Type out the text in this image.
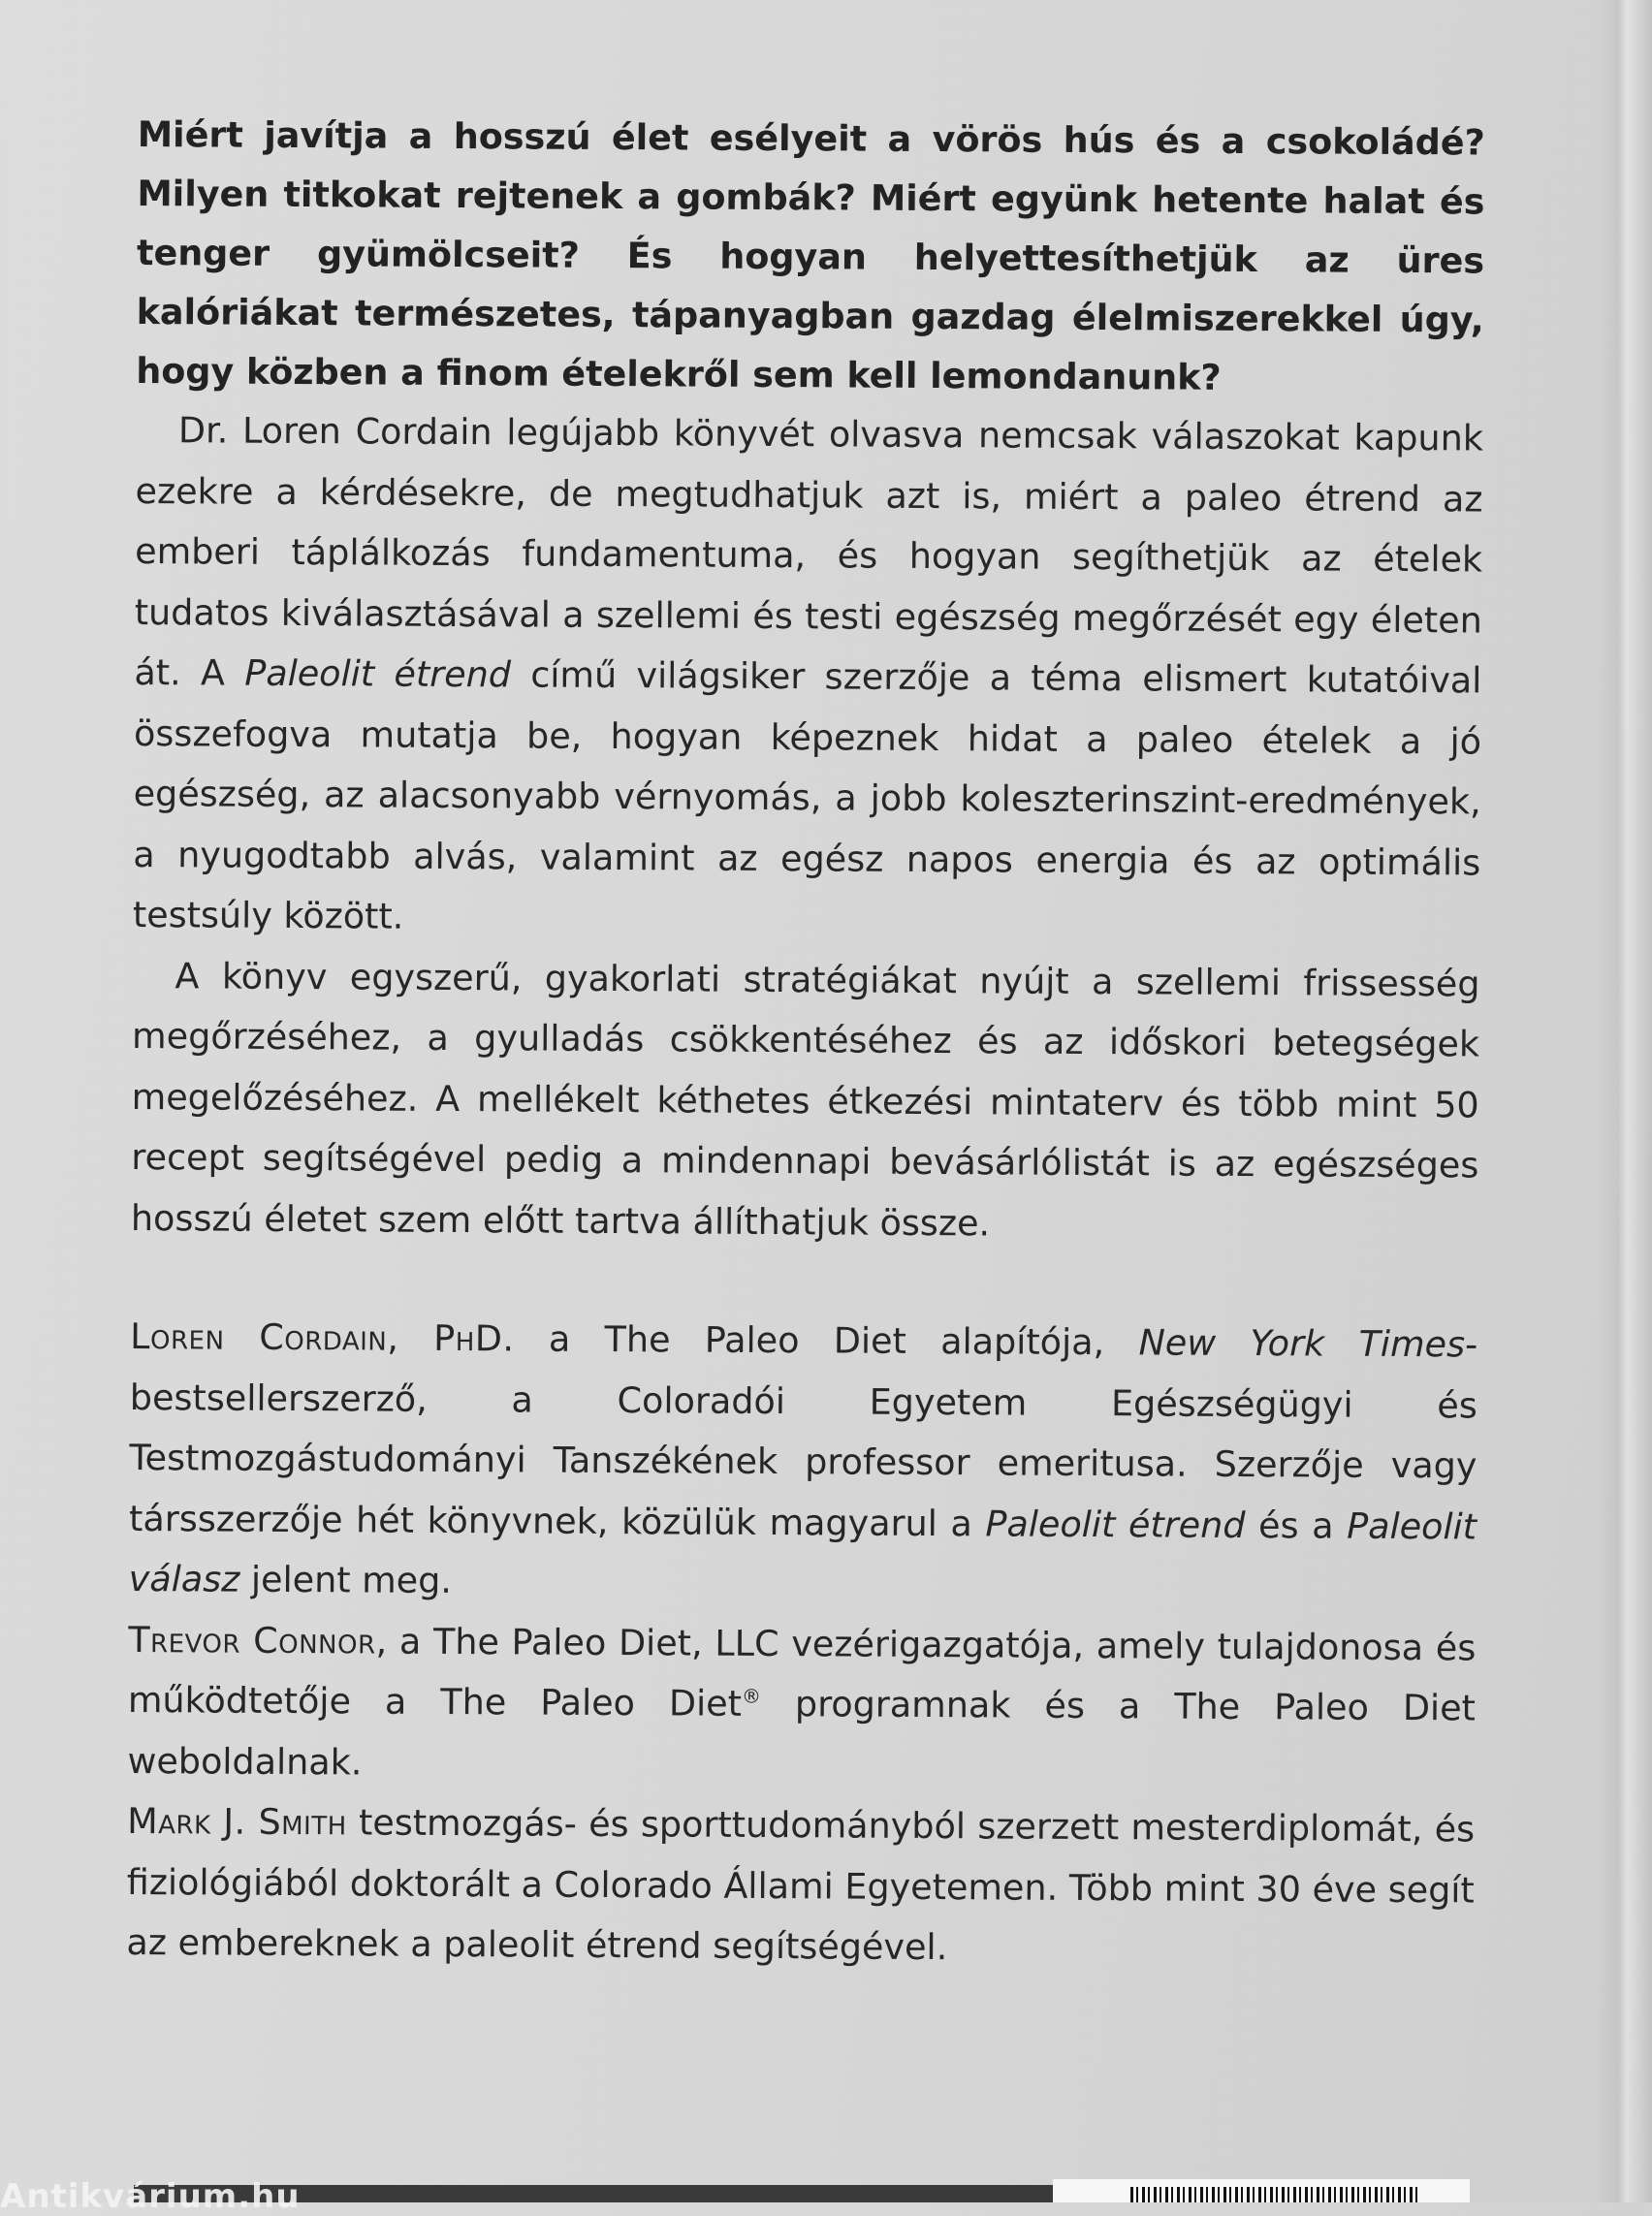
Miért javítja a hosszú élet esélyeit a vörös hús és a csokoládé? Milyen titkokat rejtenek a gombák? Miért együnk hetente halat és tenger gyümölcseit? És hogyan helyettesíthetjük az üres kalóriákat természetes, tápanyagban gazdag élelmiszerekkel úgy, hogy közben a finom ételekről sem kell lemondanunk?

Dr. Loren Cordain legújabb könyvét olvasva nemcsak válaszokat kapunk ezekre a kérdésekre, de megtudhatjuk azt is, miért a paleo étrend az emberi táplálkozás fundamentuma, és hogyan segíthetjük az ételek tudatos kiválasztásával a szellemi és testi egészség megőrzését egy életen át. A Paleolit étrend című világsiker szerzője a téma elismert kutatóival összefogva mutatja be, hogyan képeznek hidat a paleo ételek a jó egészség, az alacsonyabb vérnyomás, a jobb koleszterinszint-eredmények, a nyugodtabb alvás, valamint az egész napos energia és az optimális testsúly között.

A könyv egyszerű, gyakorlati stratégiákat nyújt a szellemi frissesség megőrzéséhez, a gyulladás csökkentéséhez és az időskori betegségek megelőzéséhez. A mellékelt kéthetes étkezési mintaterv és több mint 50 recept segítségével pedig a mindennapi bevásárlólistát is az egészséges hosszú életet szem előtt tartva állíthatjuk össze.

Loren Cordain, PhD. a The Paleo Diet alapítója, New York Times-bestsellerszerző, a Coloradói Egyetem Egészségügyi és Testmozgástudományi Tanszékének professor emeritusa. Szerzője vagy társszerzője hét könyvnek, közülük magyarul a Paleolit étrend és a Paleolit válasz jelent meg.

Trevor Connor, a The Paleo Diet, LLC vezérigazgatója, amely tulajdonosa és működtetője a The Paleo Diet® programnak és a The Paleo Diet weboldalnak.

Mark J. Smith testmozgás- és sporttudományból szerzett mesterdiplomát, és fiziológiából doktorált a Colorado Állami Egyetemen. Több mint 30 éve segít az embereknek a paleolit étrend segítségével.

Antikvárium.hu
